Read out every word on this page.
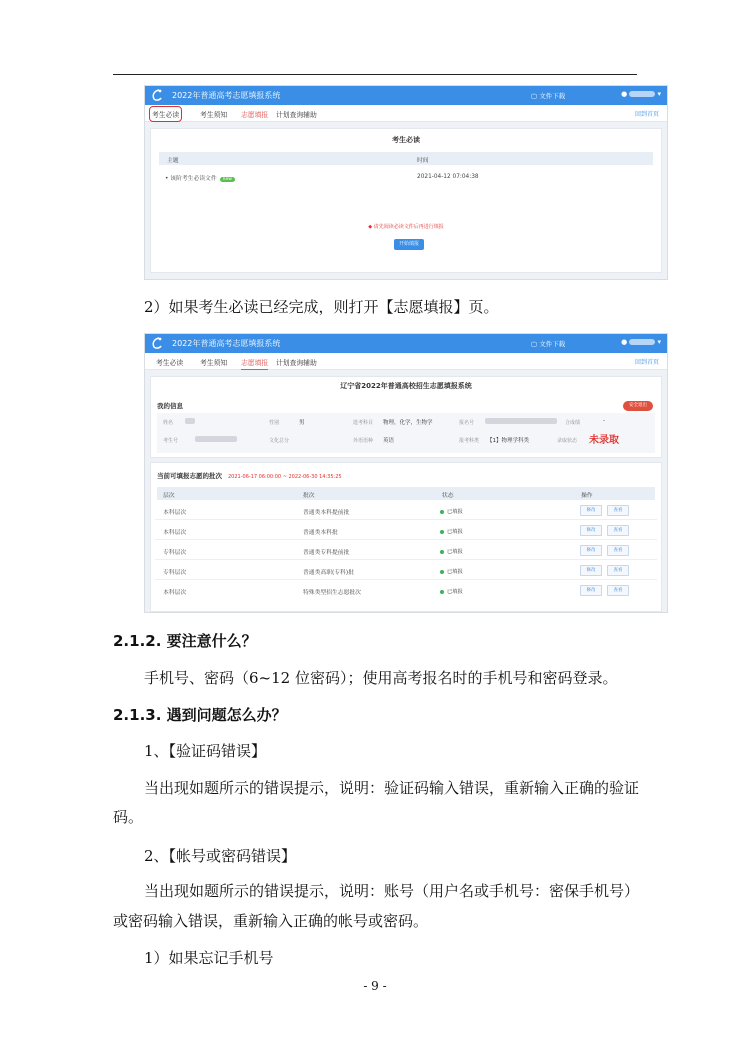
2022年普通高考志愿填报系统	▢ 文件下载	●	▾
考生必读	考生须知 志愿填报 计划查询辅助	回到首页
考生必读
主题	时间
• 该阶考生必读文件 new	2021-04-12 07:04:38
◆ 请先阅读必读文件后再进行填报
开始填报
2）如果考生必读已经完成，则打开【志愿填报】页。
2022年普通高考志愿填报系统	▢ 文件下载	●	▾
考生必读 考生须知 志愿填报 计划查询辅助	回到首页
辽宁省2022年普通高校招生志愿填报系统
我的信息	安全退出
姓名	性别	男	选考科目 物理，化学，生物学	报名号	合成绩	-
考生号	文化总分	外语语种 英语	报考科类 【1】物理学科类	录取状态 未录取
当前可填报志愿的批次 2021-06-17 06:00:00 ~ 2022-06-30 14:35:25
层次	批次	状态	操作
本科层次	普通类本科提前批	已填报	修改	查看
本科层次	普通类本科批	已填报	修改	查看
专科层次	普通类专科提前批	已填报	修改	查看
专科层次	普通类高职(专科)批	已填报	修改	查看
本科层次	特殊类型招生志愿批次	已填报	修改	查看
2.1.2. 要注意什么？
手机号、密码（6~12 位密码）；使用高考报名时的手机号和密码登录。
2.1.3. 遇到问题怎么办？
1、【验证码错误】
当出现如题所示的错误提示，说明：验证码输入错误，重新输入正确的验证
码。
2、【帐号或密码错误】
当出现如题所示的错误提示，说明：账号（用户名或手机号：密保手机号）
或密码输入错误，重新输入正确的帐号或密码。
1）如果忘记手机号
- 9 -
